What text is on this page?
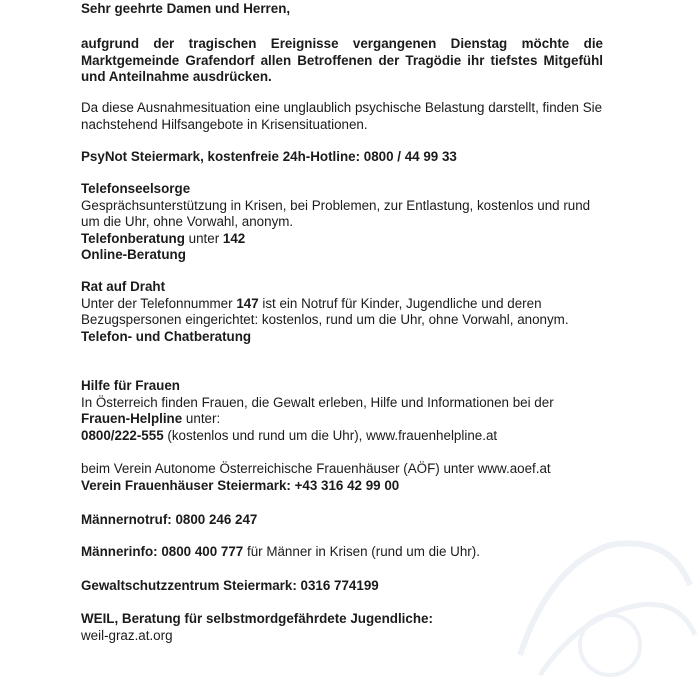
Sehr geehrte Damen und Herren,

aufgrund der tragischen Ereignisse vergangenen Dienstag möchte die Marktgemeinde Grafendorf allen Betroffenen der Tragödie ihr tiefstes Mitgefühl und Anteilnahme ausdrücken.

Da diese Ausnahmesituation eine unglaublich psychische Belastung darstellt, finden Sie nachstehend Hilfsangebote in Krisensituationen.

PsyNot Steiermark, kostenfreie 24h-Hotline: 0800 / 44 99 33

Telefonseelsorge
Gesprächsunterstützung in Krisen, bei Problemen, zur Entlastung, kostenlos und rund um die Uhr, ohne Vorwahl, anonym.
Telefonberatung unter 142
Online-Beratung
Rat auf Draht
Unter der Telefonnummer 147 ist ein Notruf für Kinder, Jugendliche und deren Bezugspersonen eingerichtet: kostenlos, rund um die Uhr, ohne Vorwahl, anonym.
Telefon- und Chatberatung
Hilfe für Frauen
In Österreich finden Frauen, die Gewalt erleben, Hilfe und Informationen bei der
Frauen-Helpline unter:
0800/222-555 (kostenlos und rund um die Uhr), www.frauenhelpline.at

beim Verein Autonome Österreichische Frauenhäuser (AÖF) unter www.aoef.at

Verein Frauenhäuser Steiermark: +43 316 42 99 00

Männernotruf: 0800 246 247

Männerinfo: 0800 400 777 für Männer in Krisen (rund um die Uhr).

Gewaltschutzzentrum Steiermark: 0316 774199

WEIL, Beratung für selbstmordgefährdete Jugendliche:
weil-graz.at.org
